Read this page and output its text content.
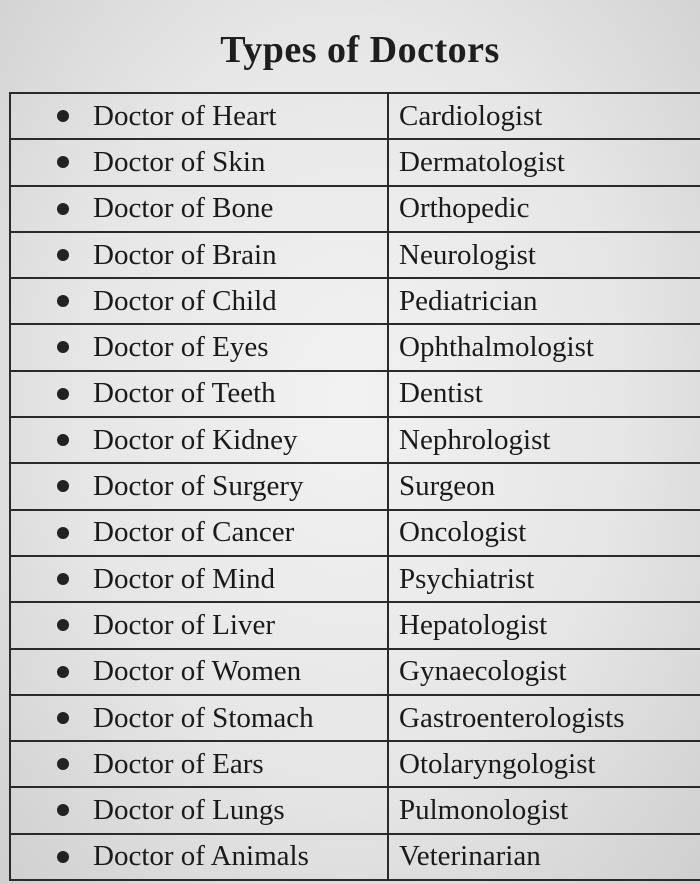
Types of Doctors
Doctor of Heart	Cardiologist
Doctor of Skin	Dermatologist
Doctor of Bone	Orthopedic
Doctor of Brain	Neurologist
Doctor of Child	Pediatrician
Doctor of Eyes	Ophthalmologist
Doctor of Teeth	Dentist
Doctor of Kidney	Nephrologist
Doctor of Surgery	Surgeon
Doctor of Cancer	Oncologist
Doctor of Mind	Psychiatrist
Doctor of Liver	Hepatologist
Doctor of Women	Gynaecologist
Doctor of Stomach	Gastroenterologists
Doctor of Ears	Otolaryngologist
Doctor of Lungs	Pulmonologist
Doctor of Animals	Veterinarian
